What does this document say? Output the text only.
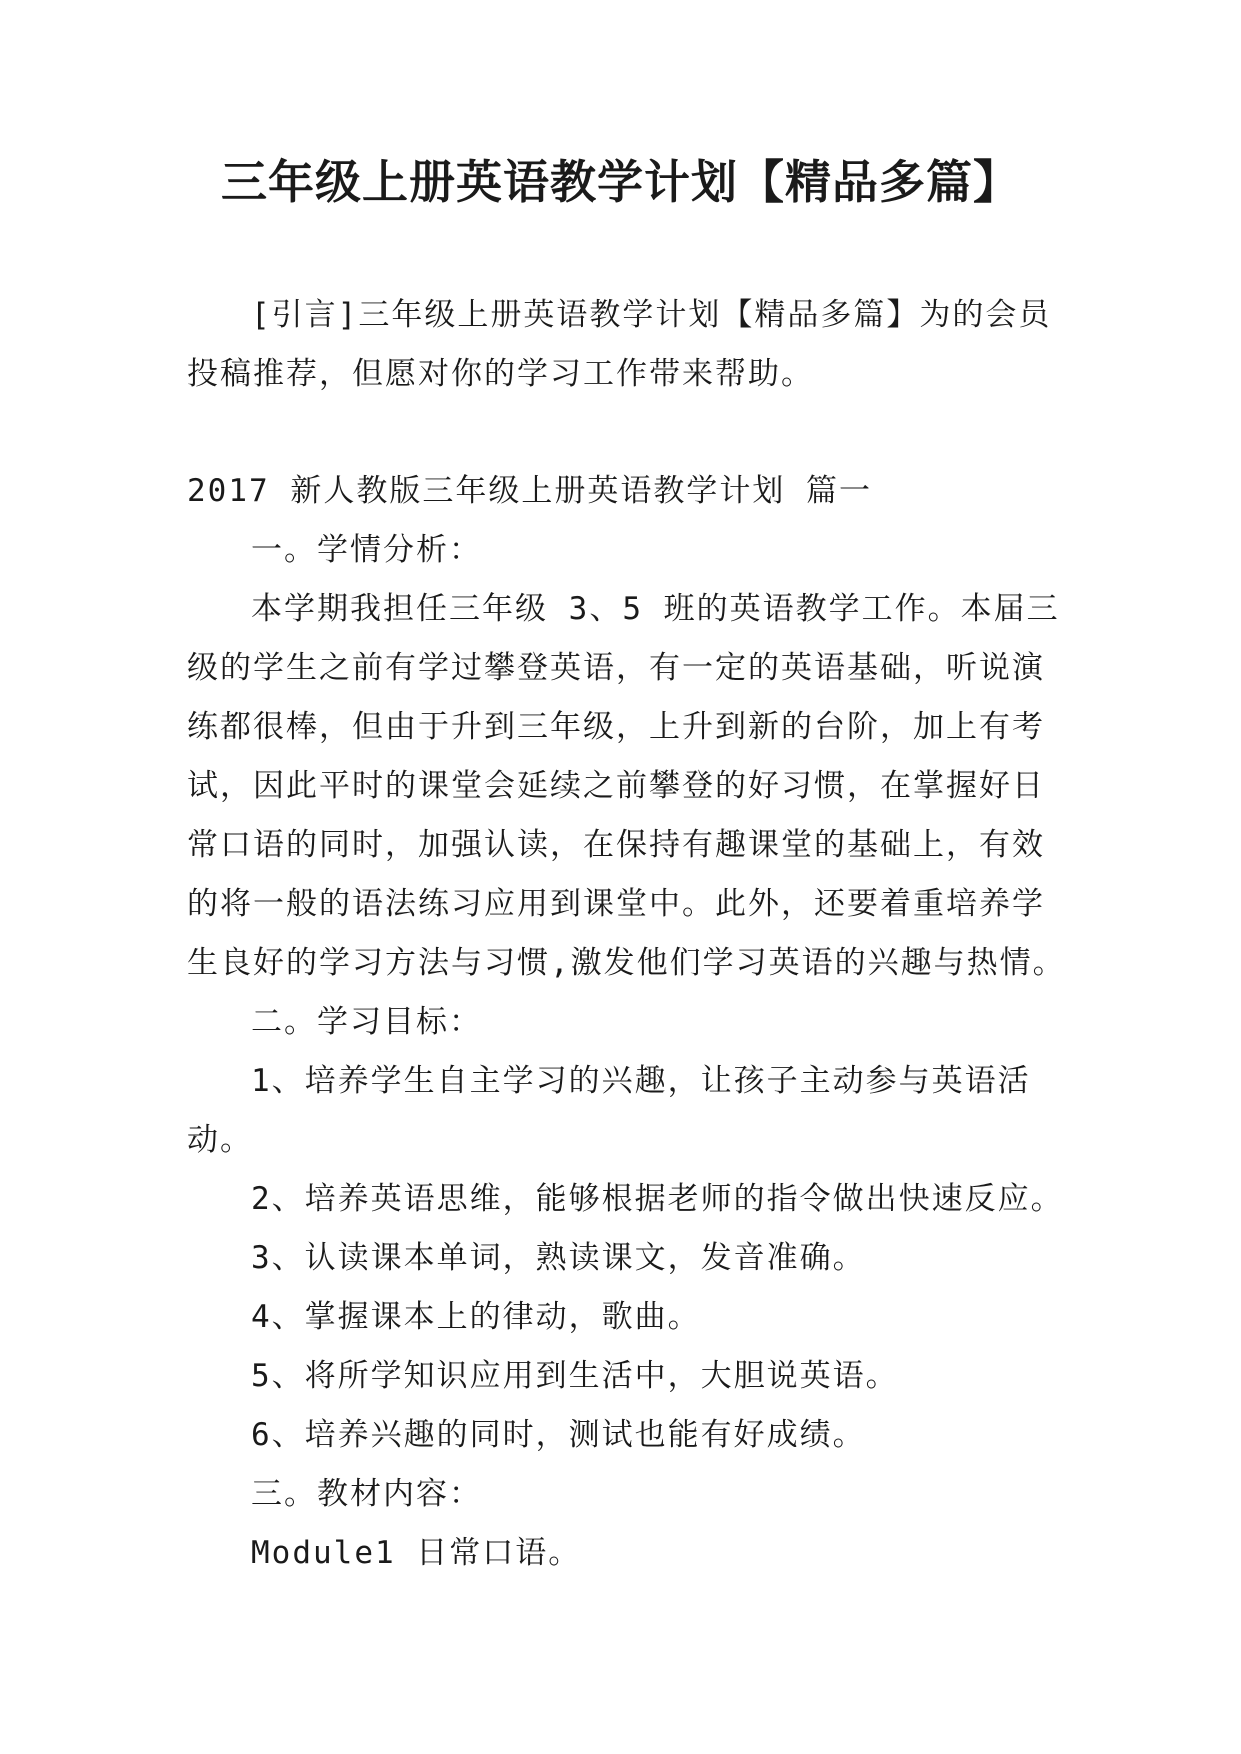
三年级上册英语教学计划【精品多篇】
[引言]三年级上册英语教学计划【精品多篇】为的会员
投稿推荐，但愿对你的学习工作带来帮助。
2017 新人教版三年级上册英语教学计划 篇一
一。学情分析：
本学期我担任三年级 3、5 班的英语教学工作。本届三
级的学生之前有学过攀登英语，有一定的英语基础，听说演
练都很棒，但由于升到三年级，上升到新的台阶，加上有考
试，因此平时的课堂会延续之前攀登的好习惯，在掌握好日
常口语的同时，加强认读，在保持有趣课堂的基础上，有效
的将一般的语法练习应用到课堂中。此外，还要着重培养学
生良好的学习方法与习惯,激发他们学习英语的兴趣与热情。
二。学习目标：
1、培养学生自主学习的兴趣，让孩子主动参与英语活
动。
2、培养英语思维，能够根据老师的指令做出快速反应。
3、认读课本单词，熟读课文，发音准确。
4、掌握课本上的律动，歌曲。
5、将所学知识应用到生活中，大胆说英语。
6、培养兴趣的同时，测试也能有好成绩。
三。教材内容：
Module1 日常口语。
